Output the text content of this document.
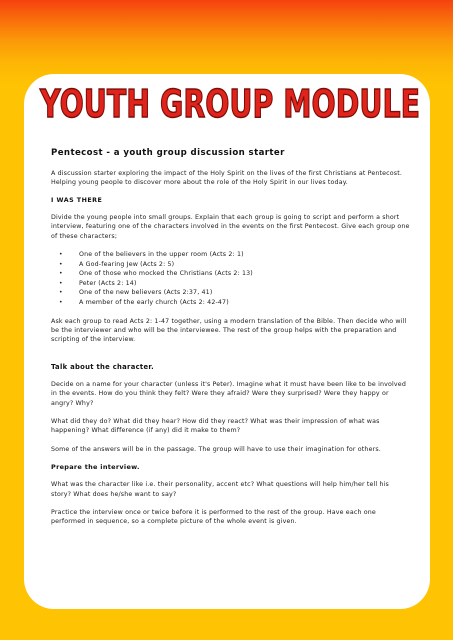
YOUTH GROUP MODULE
Pentecost - a youth group discussion starter

A discussion starter exploring the impact of the Holy Spirit on the lives of the first Christians at Pentecost. Helping young people to discover more about the role of the Holy Spirit in our lives today.

I WAS THERE

Divide the young people into small groups. Explain that each group is going to script and perform a short interview, featuring one of the characters involved in the events on the first Pentecost. Give each group one of these characters;

• One of the believers in the upper room (Acts 2: 1)
• A God-fearing Jew (Acts 2: 5)
• One of those who mocked the Christians (Acts 2: 13)
• Peter (Acts 2: 14)
• One of the new believers (Acts 2:37, 41)
• A member of the early church (Acts 2: 42-47)

Ask each group to read Acts 2: 1-47 together, using a modern translation of the Bible. Then decide who will be the interviewer and who will be the interviewee. The rest of the group helps with the preparation and scripting of the interview.

Talk about the character.

Decide on a name for your character (unless it's Peter). Imagine what it must have been like to be involved in the events. How do you think they felt? Were they afraid? Were they surprised? Were they happy or angry? Why?

What did they do? What did they hear? How did they react? What was their impression of what was happening? What difference (if any) did it make to them?

Some of the answers will be in the passage. The group will have to use their imagination for others.

Prepare the interview.

What was the character like i.e. their personality, accent etc? What questions will help him/her tell his story? What does he/she want to say?

Practice the interview once or twice before it is performed to the rest of the group. Have each one performed in sequence, so a complete picture of the whole event is given.
